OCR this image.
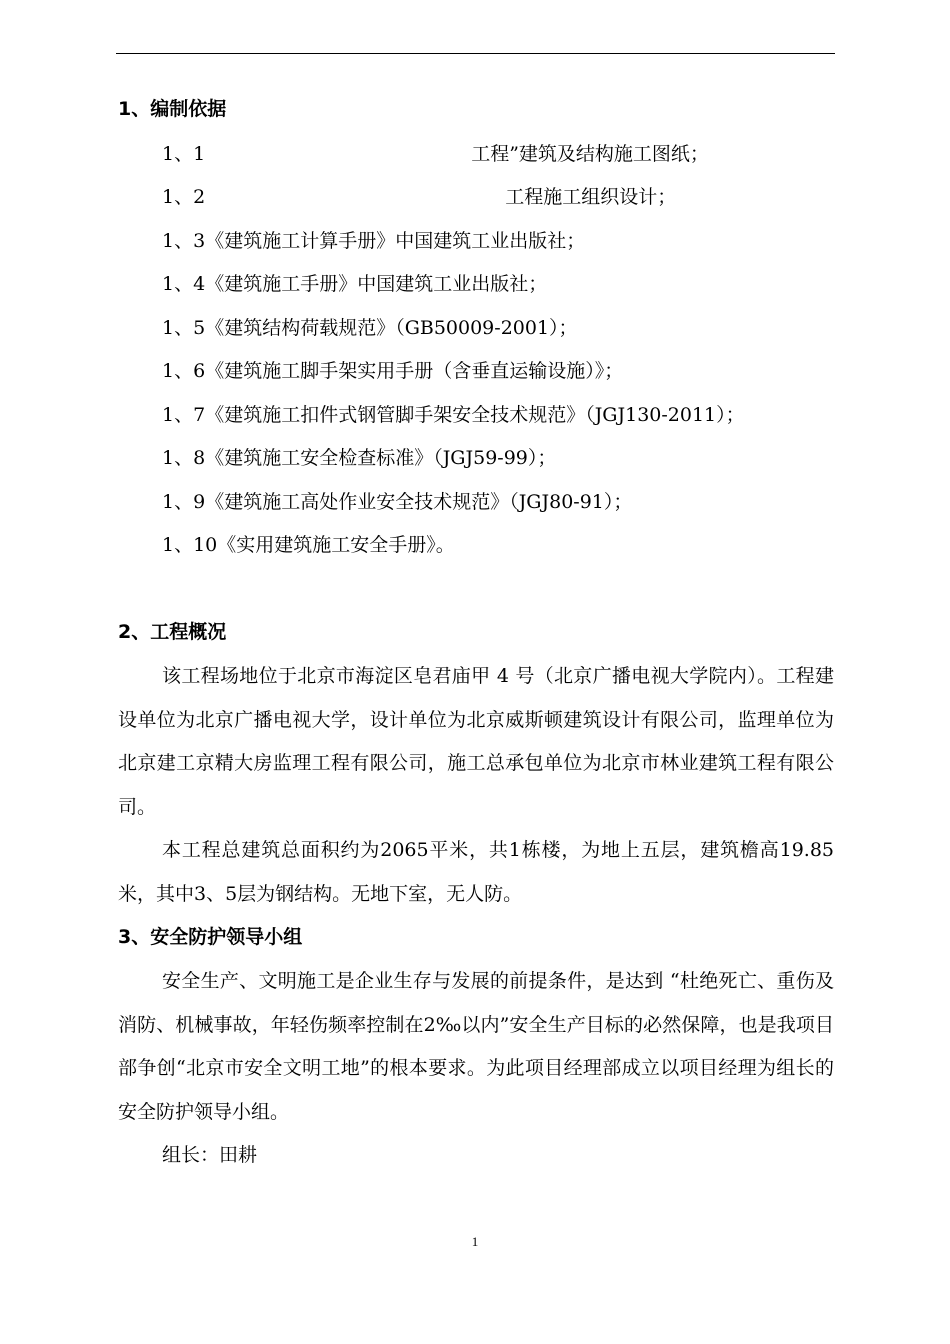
1、编制依据
1、1	工程”建筑及结构施工图纸；
1、2	工程施工组织设计；
1、3《建筑施工计算手册》中国建筑工业出版社；
1、4《建筑施工手册》中国建筑工业出版社；
1、5《建筑结构荷载规范》（GB50009-2001）；
1、6《建筑施工脚手架实用手册（含垂直运输设施）》；
1、7《建筑施工扣件式钢管脚手架安全技术规范》（JGJ130-2011）；
1、8《建筑施工安全检查标准》（JGJ59-99）；
1、9《建筑施工高处作业安全技术规范》（JGJ80-91）；
1、10《实用建筑施工安全手册》。
2、工程概况

该工程场地位于北京市海淀区皂君庙甲 4 号（北京广播电视大学院内）。工程建设单位为北京广播电视大学，设计单位为北京威斯顿建筑设计有限公司，监理单位为北京建工京精大房监理工程有限公司，施工总承包单位为北京市林业建筑工程有限公司。

本工程总建筑总面积约为2065平米，共1栋楼，为地上五层，建筑檐高19.85米，其中3、5层为钢结构。无地下室，无人防。

3、安全防护领导小组

安全生产、文明施工是企业生存与发展的前提条件，是达到 “杜绝死亡、重伤及消防、机械事故，年轻伤频率控制在2‰以内”安全生产目标的必然保障，也是我项目部争创“北京市安全文明工地”的根本要求。为此项目经理部成立以项目经理为组长的安全防护领导小组。

组长：田耕

1
